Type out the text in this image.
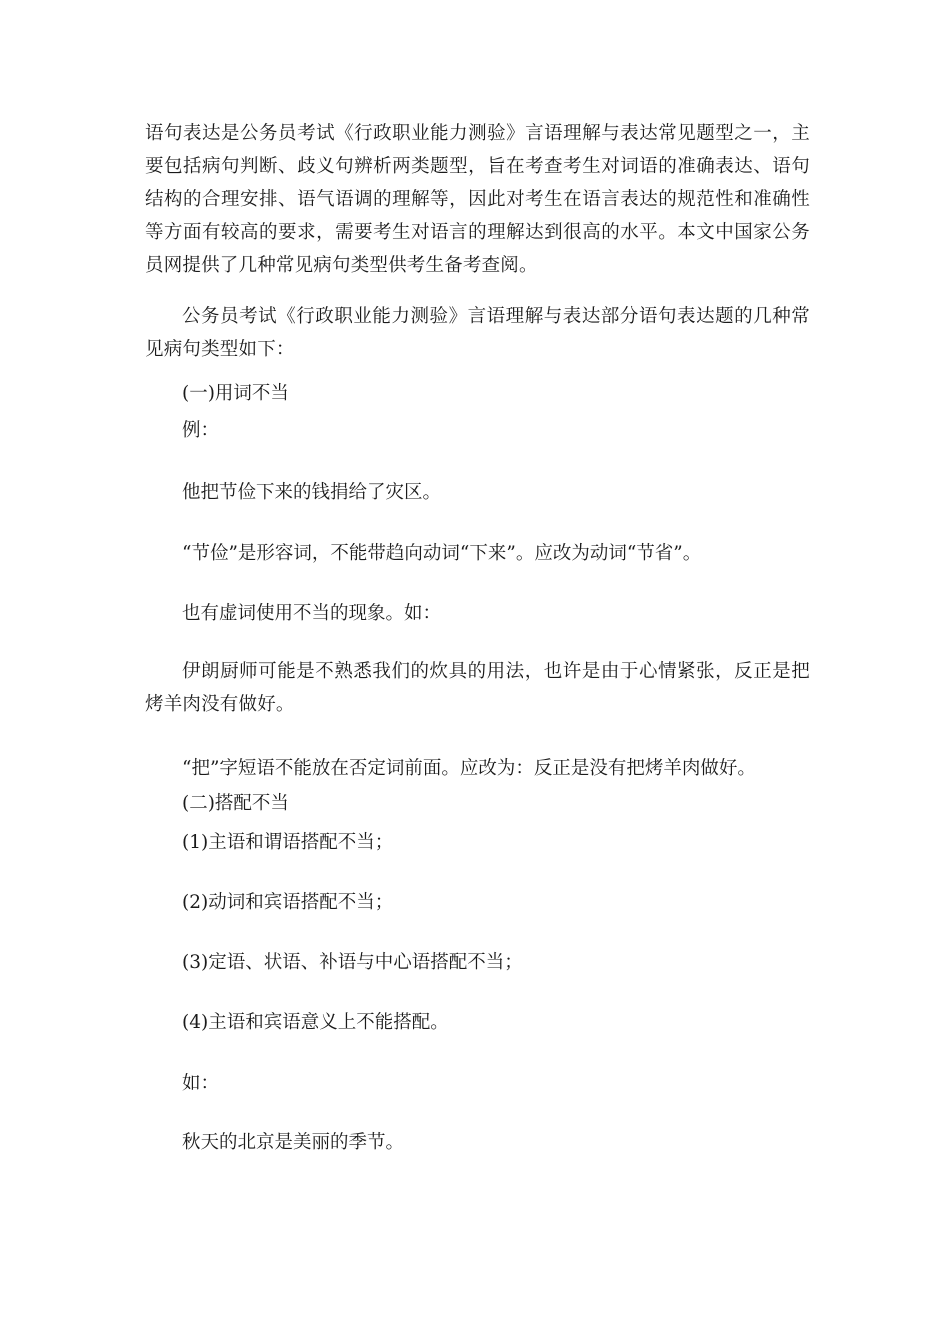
语句表达是公务员考试《行政职业能力测验》言语理解与表达常见题型之一，主要包括病句判断、歧义句辨析两类题型，旨在考查考生对词语的准确表达、语句结构的合理安排、语气语调的理解等，因此对考生在语言表达的规范性和准确性等方面有较高的要求，需要考生对语言的理解达到很高的水平。本文中国家公务员网提供了几种常见病句类型供考生备考查阅。

公务员考试《行政职业能力测验》言语理解与表达部分语句表达题的几种常见病句类型如下：

(一)用词不当

例：

他把节俭下来的钱捐给了灾区。

“节俭”是形容词，不能带趋向动词“下来”。应改为动词“节省”。

也有虚词使用不当的现象。如：

伊朗厨师可能是不熟悉我们的炊具的用法，也许是由于心情紧张，反正是把烤羊肉没有做好。

“把”字短语不能放在否定词前面。应改为：反正是没有把烤羊肉做好。

(二)搭配不当

(1)主语和谓语搭配不当；

(2)动词和宾语搭配不当；

(3)定语、状语、补语与中心语搭配不当；

(4)主语和宾语意义上不能搭配。

如：

秋天的北京是美丽的季节。
